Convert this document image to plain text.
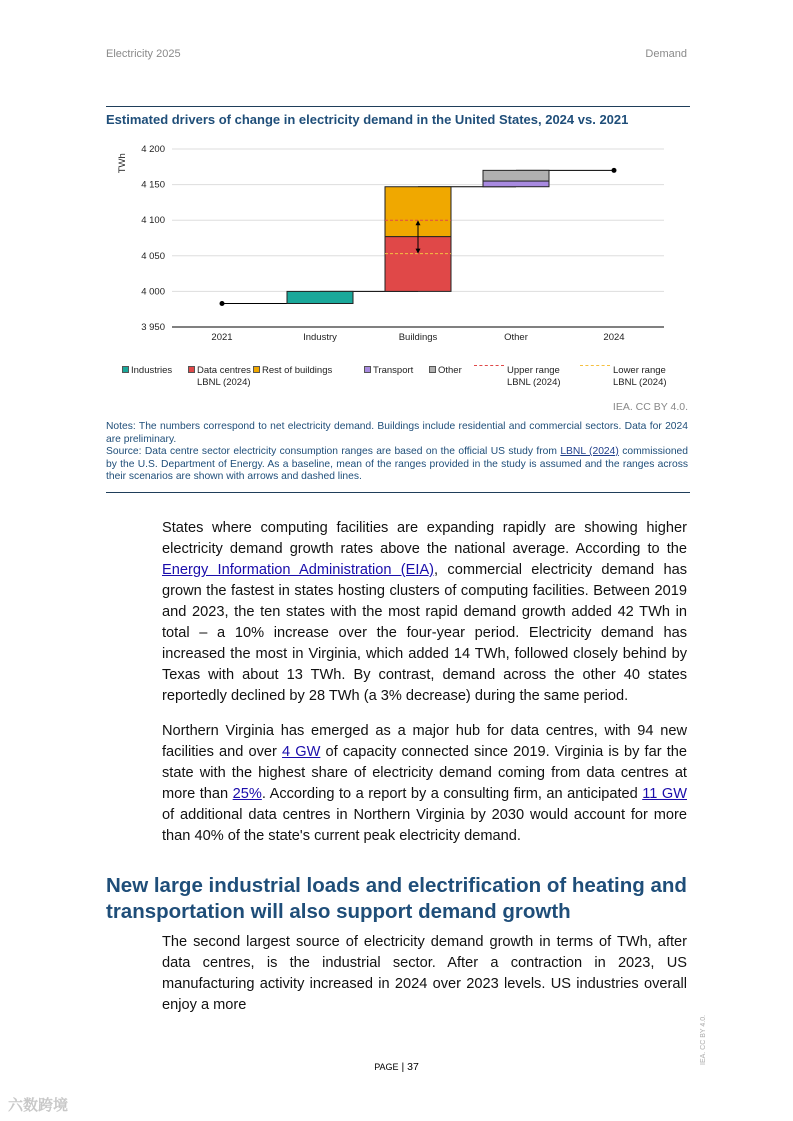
Electricity 2025	Demand
Estimated drivers of change in electricity demand in the United States, 2024 vs. 2021
3 950
4 000
4 050
4 100
4 150
4 200
TWh
2021	Industry	Buildings	Other	2024
Industries	Data centres
LBNL (2024)
Rest of buildings	Transport	Other	Upper range
LBNL (2024)
Lower range
LBNL (2024)
IEA. CC BY 4.0.
Notes: The numbers correspond to net electricity demand. Buildings include residential and commercial sectors. Data for 2024 are preliminary.
Source: Data centre sector electricity consumption ranges are based on the official US study from LBNL (2024) commissioned by the U.S. Department of Energy. As a baseline, mean of the ranges provided in the study is assumed and the ranges across their scenarios are shown with arrows and dashed lines.
States where computing facilities are expanding rapidly are showing higher electricity demand growth rates above the national average. According to the Energy Information Administration (EIA), commercial electricity demand has grown the fastest in states hosting clusters of computing facilities. Between 2019 and 2023, the ten states with the most rapid demand growth added 42 TWh in total – a 10% increase over the four-year period. Electricity demand has increased the most in Virginia, which added 14 TWh, followed closely behind by Texas with about 13 TWh. By contrast, demand across the other 40 states reportedly declined by 28 TWh (a 3% decrease) during the same period.
Northern Virginia has emerged as a major hub for data centres, with 94 new facilities and over 4 GW of capacity connected since 2019. Virginia is by far the state with the highest share of electricity demand coming from data centres at more than 25%. According to a report by a consulting firm, an anticipated 11 GW of additional data centres in Northern Virginia by 2030 would account for more than 40% of the state's current peak electricity demand.
New large industrial loads and electrification of heating and transportation will also support demand growth
The second largest source of electricity demand growth in terms of TWh, after data centres, is the industrial sector. After a contraction in 2023, US manufacturing activity increased in 2024 over 2023 levels. US industries overall enjoy a more
PAGE | 37
IEA. CC BY 4.0.
六数跨境
